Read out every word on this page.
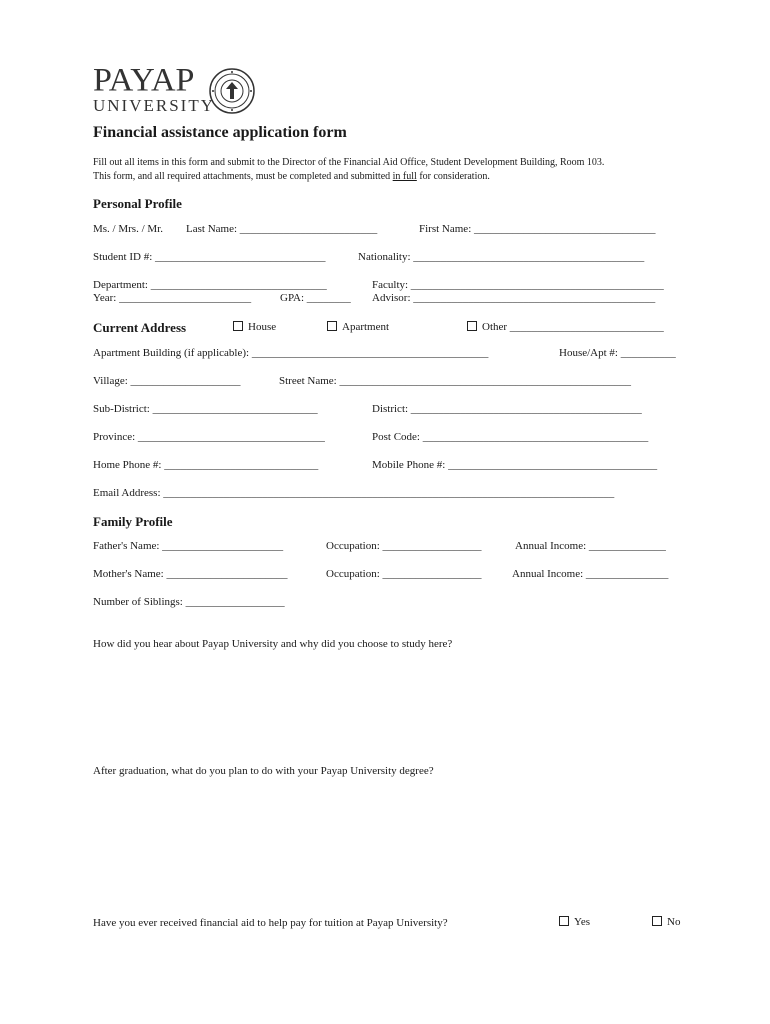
PAYAP
UNIVERSITY
Financial assistance application form
Fill out all items in this form and submit to the Director of the Financial Aid Office, Student Development Building, Room 103.
This form, and all required attachments, must be completed and submitted in full for consideration.
Personal Profile
Ms. / Mrs. / Mr. Last Name: _________________________	First Name: _________________________________
Student ID #: _______________________________	Nationality: __________________________________________
Department: ________________________________	Faculty: ______________________________________________
Year: ________________________	GPA: ________ Advisor: ____________________________________________
Current Address	House	Apartment	Other ____________________________
Apartment Building (if applicable): ___________________________________________	House/Apt #: __________
Village: ____________________	Street Name: _____________________________________________________
Sub-District: ______________________________	District: __________________________________________
Province: __________________________________	Post Code: _________________________________________
Home Phone #: ____________________________	Mobile Phone #: ______________________________________
Email Address: __________________________________________________________________________________
Family Profile
Father's Name: ______________________	Occupation: __________________	Annual Income: ______________
Mother's Name: ______________________	Occupation: __________________	Annual Income: _______________
Number of Siblings: __________________
How did you hear about Payap University and why did you choose to study here?
After graduation, what do you plan to do with your Payap University degree?
Have you ever received financial aid to help pay for tuition at Payap University?	Yes	No
